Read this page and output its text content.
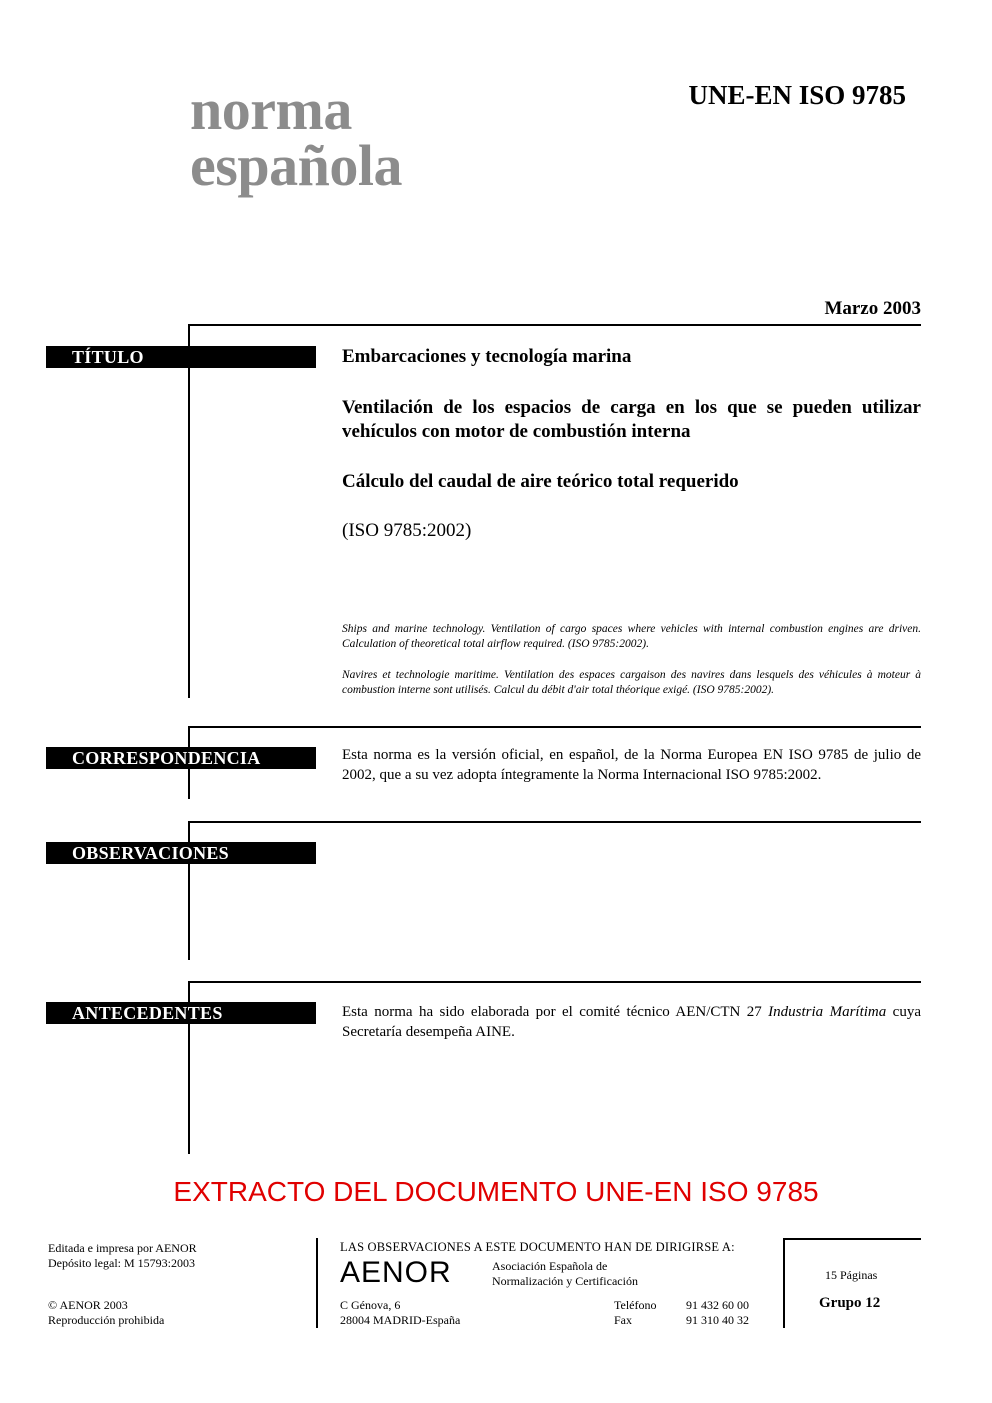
norma
española
UNE-EN ISO 9785
Marzo 2003
TÍTULO
CORRESPONDENCIA
OBSERVACIONES
ANTECEDENTES
Embarcaciones y tecnología marina
Ventilación de los espacios de carga en los que se pueden utilizar vehículos con motor de combustión interna
Cálculo del caudal de aire teórico total requerido
(ISO 9785:2002)
Ships and marine technology. Ventilation of cargo spaces where vehicles with internal combustion engines are driven. Calculation of theoretical total airflow required. (ISO 9785:2002).
Navires et technologie maritime. Ventilation des espaces cargaison des navires dans lesquels des véhicules à moteur à combustion interne sont utilisés. Calcul du débit d'air total théorique exigé. (ISO 9785:2002).
Esta norma es la versión oficial, en español, de la Norma Europea EN ISO 9785 de julio de 2002, que a su vez adopta íntegramente la Norma Internacional ISO 9785:2002.
Esta norma ha sido elaborada por el comité técnico AEN/CTN 27 Industria Marítima cuya Secretaría desempeña AINE.
EXTRACTO DEL DOCUMENTO UNE-EN ISO 9785
Editada e impresa por AENOR
Depósito legal: M 15793:2003
© AENOR 2003
Reproducción prohibida
LAS OBSERVACIONES A ESTE DOCUMENTO HAN DE DIRIGIRSE A:
AENOR	Asociación Española de
Normalización y Certificación
C Génova, 6
28004 MADRID-España
Teléfono
Fax
91 432 60 00
91 310 40 32
15 Páginas
Grupo 12
